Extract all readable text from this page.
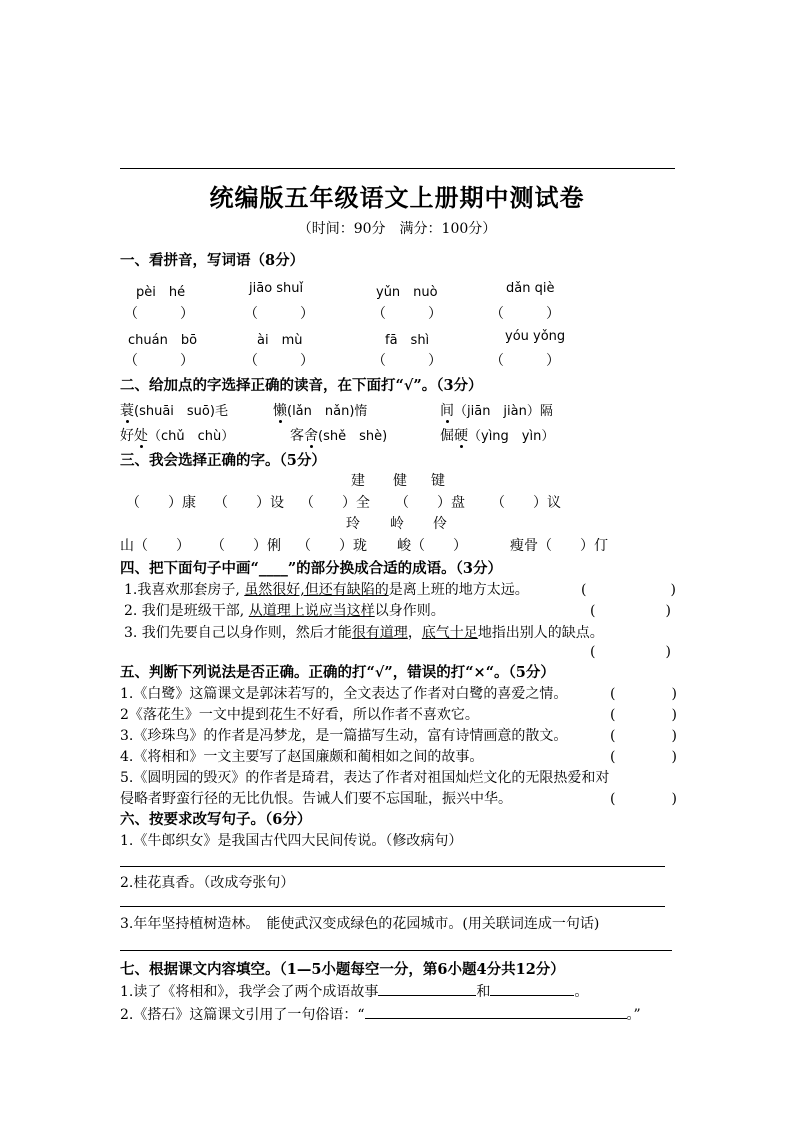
统编版五年级语文上册期中测试卷
（时间：90分　满分：100分）
一、看拼音，写词语（8分）
pèi　hé	jiāo shuǐ	yǔn　nuò	dǎn qiè
（　　　）	（　　　）	（　　　）	（　　　）
chuán　bō	ài　mù	fā　shì	yóu yǒng
（　　　）	（　　　）	（　　　）	（　　　）
二、给加点的字选择正确的读音，在下面打“√”。（3分）
蓑(shuāi　suō)毛	懒(lǎn　nǎn)惰	间（jiān　jiàn）隔
好处（chǔ　chù）	客舍(shě　shè)	倔硬（yìng　yìn）
三、我会选择正确的字。（5分）
建 健 键
（　　）康 （　　）设 （　　）全 （　　）盘 （　　）议
玲 岭 伶
山（　　） （　　）俐 （　　）珑 峻（　　）	瘦骨（　　）仃
四、把下面句子中画“____”的部分换成合适的成语。（3分）
1.我喜欢那套房子, 虽然很好,但还有缺陷的是离上班的地方太远。	(　　　　　　)
2. 我们是班级干部, 从道理上说应当这样以身作则。	(　　　　　)
3. 我们先要自己以身作则，然后才能很有道理，底气十足地指出别人的缺点。
(　　　　　)
五、判断下列说法是否正确。正确的打“√”，错误的打“×“。（5分）
1.《白鹭》这篇课文是郭沫若写的，全文表达了作者对白鹭的喜爱之情。	(　　　　)
2《落花生》一文中提到花生不好看，所以作者不喜欢它。	(　　　　)
3.《珍珠鸟》的作者是冯梦龙，是一篇描写生动，富有诗情画意的散文。	(　　　　)
4.《将相和》一文主要写了赵国廉颇和蔺相如之间的故事。	(　　　　)
5.《圆明园的毁灭》的作者是琦君，表达了作者对祖国灿烂文化的无限热爱和对
侵略者野蛮行径的无比仇恨。告诫人们要不忘国耻，振兴中华。	(　　　　)
六、按要求改写句子。（6分）
1.《牛郎织女》是我国古代四大民间传说。（修改病句）
2.桂花真香。（改成夸张句）
3.年年坚持植树造林。　能使武汉变成绿色的花园城市。(用关联词连成一句话)
七、根据课文内容填空。（1—5小题每空一分，第6小题4分共12分）
1.读了《将相和》，我学会了两个成语故事	和	。
2.《搭石》这篇课文引用了一句俗语：“	。”
